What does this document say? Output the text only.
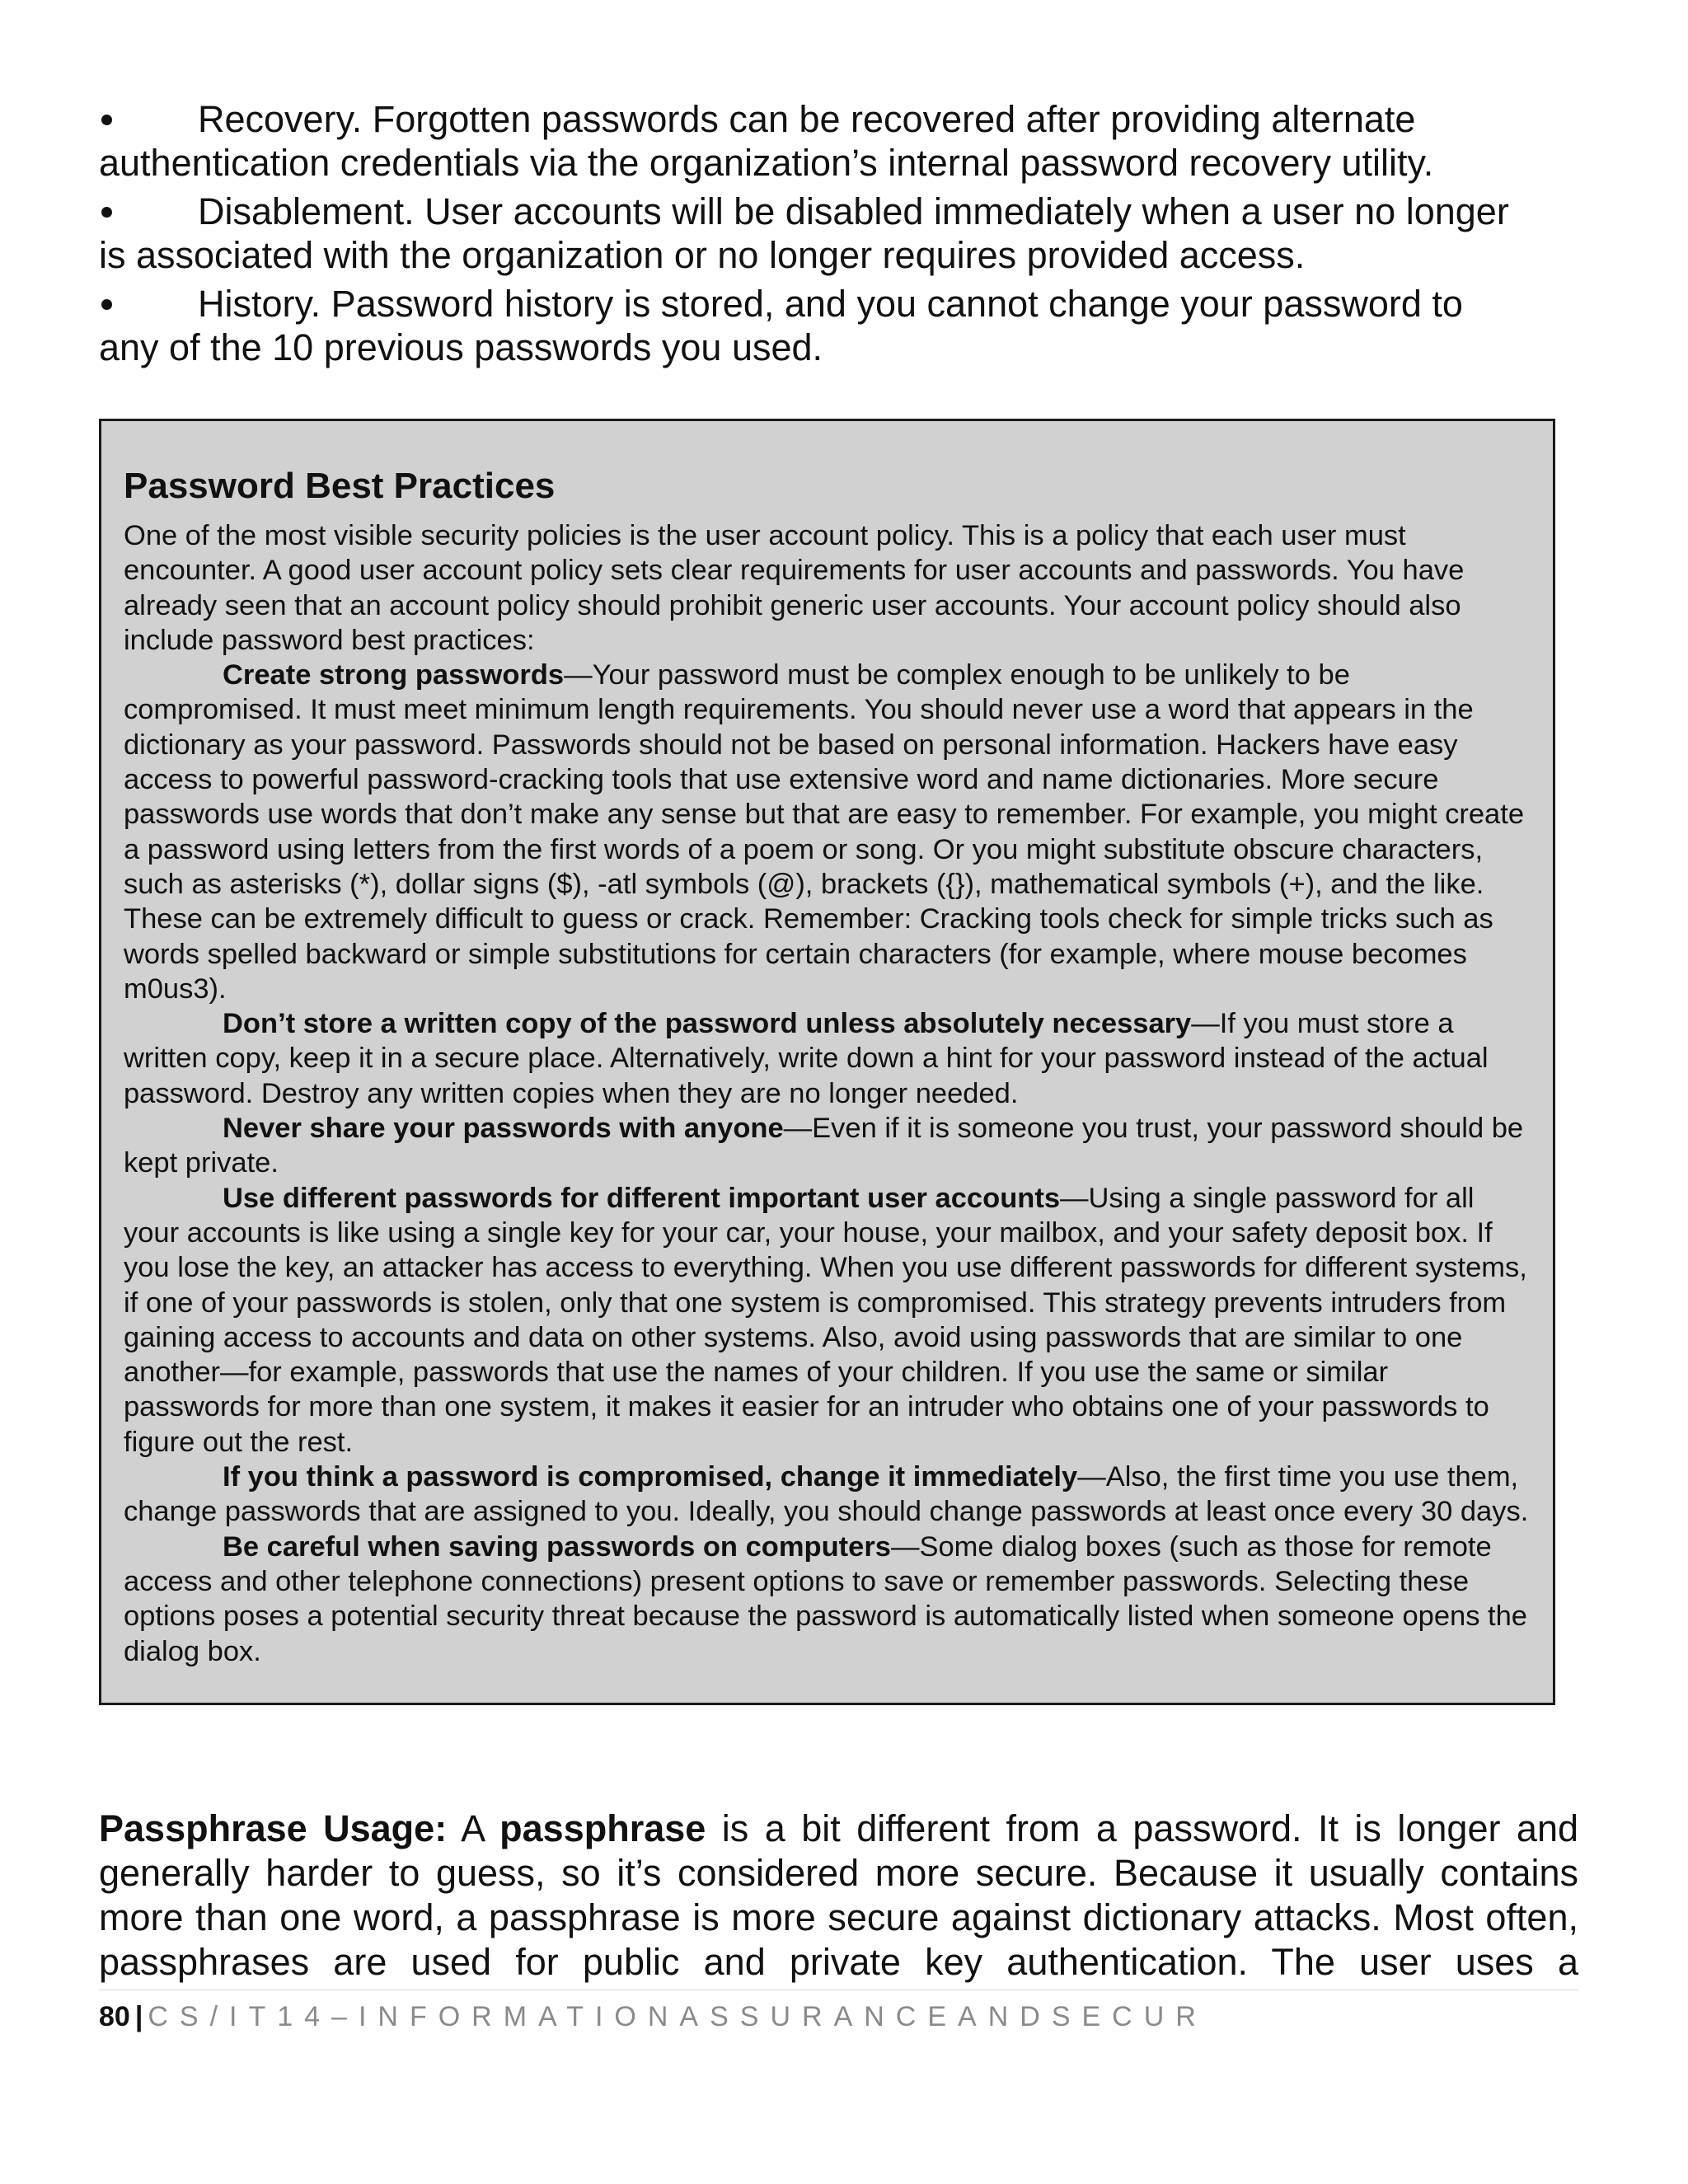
Recovery. Forgotten passwords can be recovered after providing alternate
authentication credentials via the organization’s internal password recovery utility.
Disablement. User accounts will be disabled immediately when a user no longer
is associated with the organization or no longer requires provided access.
History. Password history is stored, and you cannot change your password to
any of the 10 previous passwords you used.
Password Best Practices

One of the most visible security policies is the user account policy. This is a policy that each user must encounter. A good user account policy sets clear requirements for user accounts and passwords. You have already seen that an account policy should prohibit generic user accounts. Your account policy should also include password best practices:

Create strong passwords—Your password must be complex enough to be unlikely to be compromised. It must meet minimum length requirements. You should never use a word that appears in the dictionary as your password. Passwords should not be based on personal information. Hackers have easy access to powerful password-cracking tools that use extensive word and name dictionaries. More secure passwords use words that don’t make any sense but that are easy to remember. For example, you might create a password using letters from the first words of a poem or song. Or you might substitute obscure characters, such as asterisks (*), dollar signs ($), -atl symbols (@), brackets ({}), mathematical symbols (+), and the like. These can be extremely difficult to guess or crack. Remember: Cracking tools check for simple tricks such as words spelled backward or simple substitutions for certain characters (for example, where mouse becomes m0us3).

Don’t store a written copy of the password unless absolutely necessary—If you must store a written copy, keep it in a secure place. Alternatively, write down a hint for your password instead of the actual password. Destroy any written copies when they are no longer needed.

Never share your passwords with anyone—Even if it is someone you trust, your password should be kept private.

Use different passwords for different important user accounts—Using a single password for all your accounts is like using a single key for your car, your house, your mailbox, and your safety deposit box. If you lose the key, an attacker has access to everything. When you use different passwords for different systems, if one of your passwords is stolen, only that one system is compromised. This strategy prevents intruders from gaining access to accounts and data on other systems. Also, avoid using passwords that are similar to one another—for example, passwords that use the names of your children. If you use the same or similar passwords for more than one system, it makes it easier for an intruder who obtains one of your passwords to figure out the rest.

If you think a password is compromised, change it immediately—Also, the first time you use them, change passwords that are assigned to you. Ideally, you should change passwords at least once every 30 days.

Be careful when saving passwords on computers—Some dialog boxes (such as those for remote access and other telephone connections) present options to save or remember passwords. Selecting these options poses a potential security threat because the password is automatically listed when someone opens the dialog box.

Passphrase Usage: A passphrase is a bit different from a password. It is longer and generally harder to guess, so it’s considered more secure. Because it usually contains more than one word, a passphrase is more secure against dictionary attacks. Most often, passphrases are used for public and private key authentication. The user uses a
80 | CS/IT14–INFORMATIONASSURANCEANDSECUR
